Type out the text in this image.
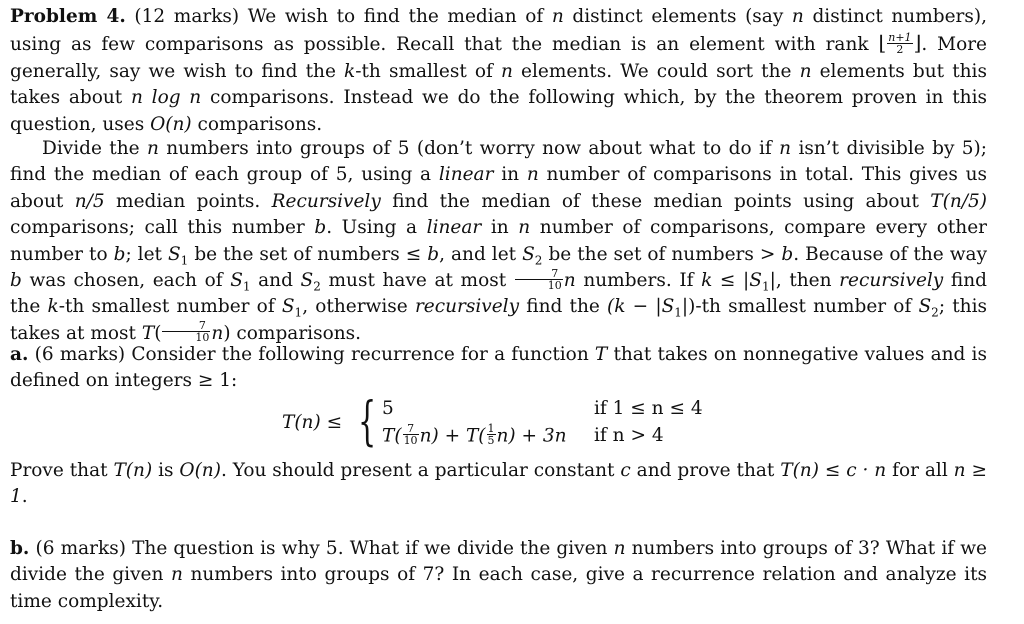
Problem 4. (12 marks) We wish to find the median of n distinct elements (say n distinct numbers), using as few comparisons as possible. Recall that the median is an element with rank ⌊ $\frac{n+1}{2}$ ⌋. More generally, say we wish to find the k-th smallest of n elements. We could sort the n elements but this takes about n log n comparisons. Instead we do the following which, by the theorem proven in this question, uses O(n) comparisons.
Divide the n numbers into groups of 5 (don’t worry now about what to do if n isn’t divisible by 5); find the median of each group of 5, using a linear in n number of comparisons in total. This gives us about n/5 median points. Recursively find the median of these median points using about T(n/5) comparisons; call this number b. Using a linear in n number of comparisons, compare every other number to b; let $S_1$ be the set of numbers ≤ b, and let $S_2$ be the set of numbers > b. Because of the way b was chosen, each of $S_1$ and $S_2$ must have at most $\frac{7}{10}$ n numbers. If $k \le |S_1|$, then recursively find the k-th smallest number of $S_1$, otherwise recursively find the $(k - |S_1|)-th$ smallest number of $S_2$; this takes at most $T( \frac{7}{10} n)$ comparisons.
a. (6 marks) Consider the following recurrence for a function T that takes on nonnegative values and is defined on integers ≥ 1:
T(n) ≤ { 5	if 1 ≤ n ≤ 4
$T( \frac{7}{10} n) + T( \frac{1}{5} n) + 3n$ if n > 4
Prove that T(n) is O(n). You should present a particular constant c and prove that T(n) ≤ c · n for all n ≥ 1.
b. (6 marks) The question is why 5. What if we divide the given n numbers into groups of 3? What if we divide the given n numbers into groups of 7? In each case, give a recurrence relation and analyze its time complexity.
